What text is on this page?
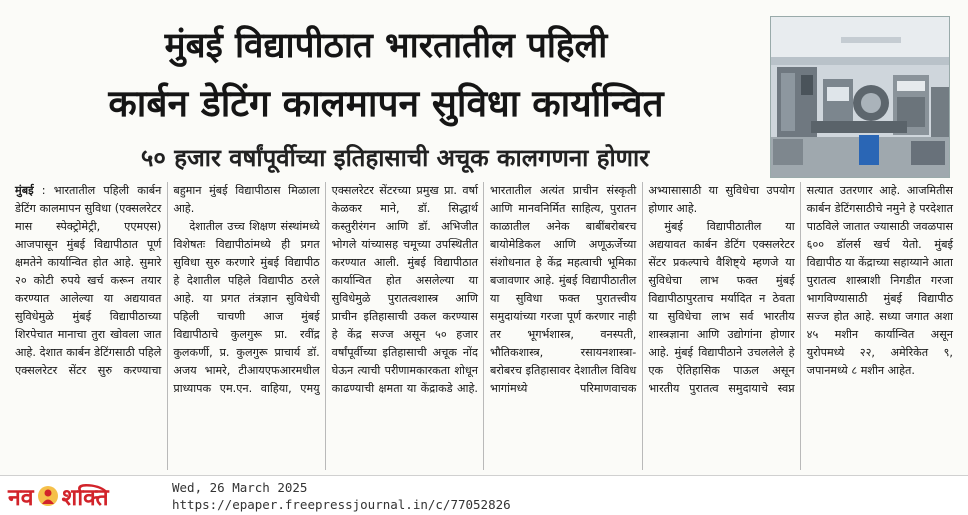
मुंबई विद्यापीठात भारतातील पहिली
कार्बन डेटिंग कालमापन सुविधा कार्यान्वित
५० हजार वर्षांपूर्वीच्या इतिहासाची अचूक कालगणना होणार

मुंबई : भारतातील पहिली कार्बन डेटिंग कालमापन सुविधा (एक्सलरेटर मास स्पेक्ट्रोमेट्री, एएमएस) आजपासून मुंबई विद्यापीठात पूर्ण क्षमतेने कार्यान्वित होत आहे. सुमारे २० कोटी रुपये खर्च करून तयार करण्यात आलेल्या या अद्ययावत सुविधेमुळे मुंबई विद्यापीठाच्या शिरपेचात मानाचा तुरा खोवला जात आहे. देशात कार्बन डेटिंगसाठी पहिले एक्सलरेटर सेंटर सुरु करण्याचा बहुमान मुंबई विद्यापीठास मिळाला आहे.

देशातील उच्च शिक्षण संस्थांमध्ये विशेषतः विद्यापीठांमध्ये ही प्रगत सुविधा सुरु करणारे मुंबई विद्यापीठ हे देशातील पहिले विद्यापीठ ठरले आहे. या प्रगत तंत्रज्ञान सुविधेची पहिली चाचणी आज मुंबई विद्यापीठाचे कुलगुरू प्रा. रवींद्र कुलकर्णी, प्र. कुलगुरू प्राचार्य डॉ. अजय भामरे, टीआयएफआरमधील प्राध्यापक एम.एन. वाहिया, एमयु एक्सलरेटर सेंटरच्या प्रमुख प्रा. वर्षा केळकर माने, डॉ. सिद्धार्थ कस्तुरीरंगन आणि डॉ. अभिजीत भोगले यांच्यासह चमूच्या उपस्थितीत करण्यात आली. मुंबई विद्यापीठात कार्यान्वित होत असलेल्या या सुविधेमुळे पुरातत्वशास्त्र आणि प्राचीन इतिहासाची उकल करण्यास हे केंद्र सज्ज असून ५० हजार वर्षांपूर्वीच्या इतिहासाची अचूक नोंद घेऊन त्याची परीणामकारकता शोधून काढण्याची क्षमता या केंद्राकडे आहे. भारतातील अत्यंत प्राचीन संस्कृती आणि मानवनिर्मित साहित्य, पुरातन काळातील अनेक बाबींबरोबरच बायोमेडिकल आणि अणूऊर्जेच्या संशोधनात हे केंद्र महत्वाची भूमिका बजावणार आहे. मुंबई विद्यापीठातील या सुविधा फक्त पुरातत्त्वीय समुदायांच्या गरजा पूर्ण करणार नाही तर भूगर्भशास्त्र, वनस्पती, भौतिकशास्त्र, रसायनशास्त्रा- बरोबरच इतिहासावर देशातील विविध भागांमध्ये परिमाणवाचक अभ्यासासाठी या सुविधेचा उपयोग होणार आहे.

मुंबई विद्यापीठातील या अद्ययावत कार्बन डेटिंग एक्सलरेटर सेंटर प्रकल्पाचे वैशिष्ट्ये म्हणजे या सुविधेचा लाभ फक्त मुंबई विद्यापीठापुरताच मर्यादित न ठेवता या सुविधेचा लाभ सर्व भारतीय शास्त्रज्ञाना आणि उद्योगांना होणार आहे. मुंबई विद्यापीठाने उचललेले हे एक ऐतिहासिक पाऊल असून भारतीय पुरातत्व समुदायाचे स्वप्न सत्यात उतरणार आहे. आजमितीस कार्बन डेटिंगसाठीचे नमुने हे परदेशात पाठविले जातात ज्यासाठी जवळपास ६०० डॉलर्स खर्च येतो. मुंबई विद्यापीठ या केंद्राच्या सहाय्याने आता पुरातत्व शास्त्राशी निगडीत गरजा भागविण्यासाठी मुंबई विद्यापीठ सज्ज होत आहे. सध्या जगात अशा ४५ मशीन कार्यान्वित असून युरोपमध्ये २२, अमेरिकेत ९, जपानमध्ये ८ मशीन आहेत.

नव शक्ति	Wed, 26 March 2025
https://epaper.freepressjournal.in/c/77052826
